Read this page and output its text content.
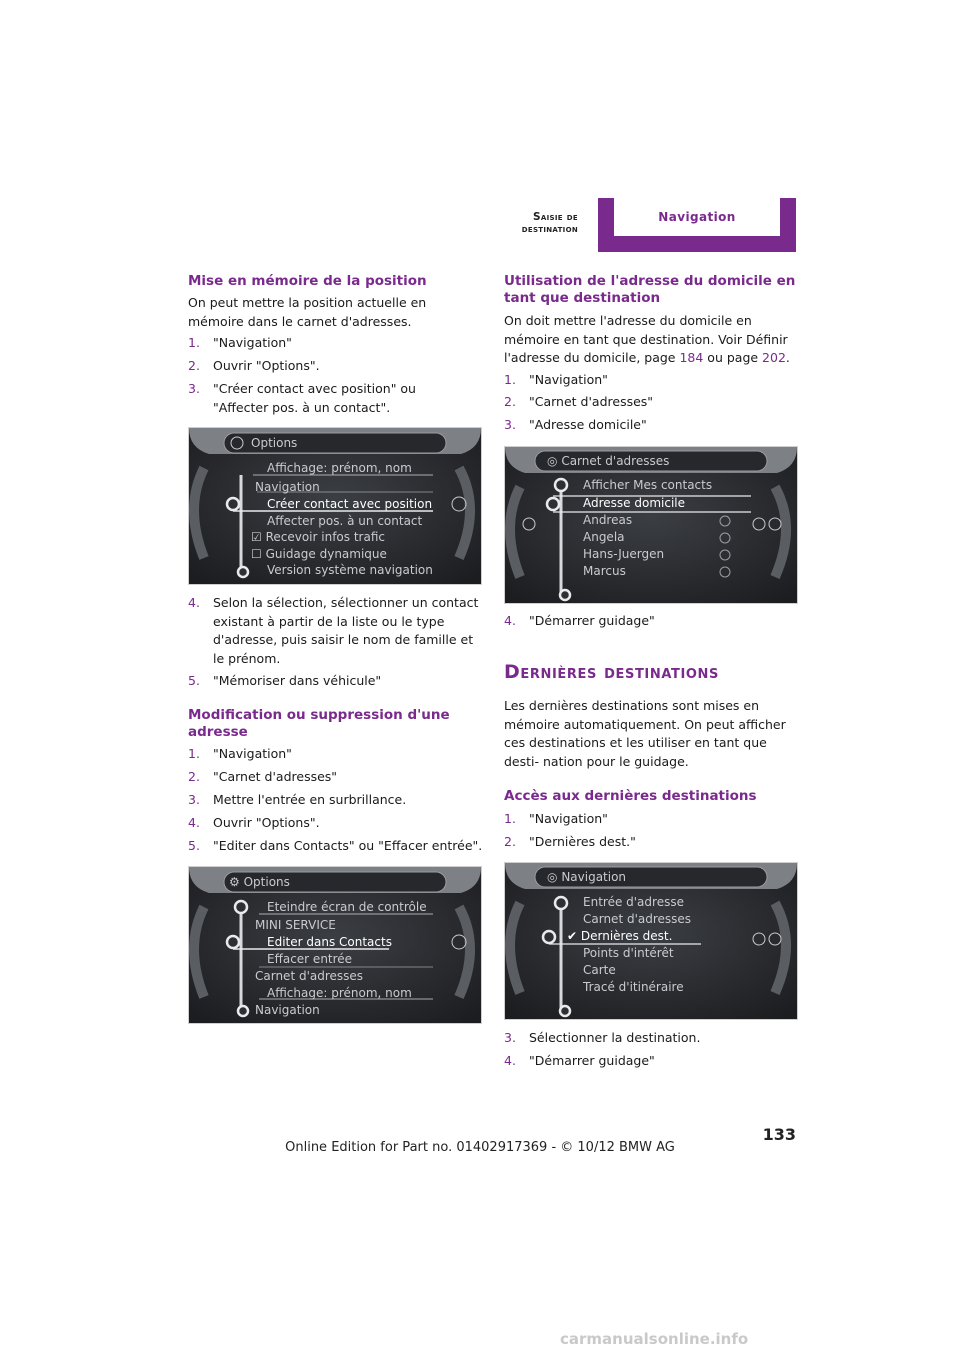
Saisie de destination
Navigation
Mise en mémoire de la position

On peut mettre la position actuelle en mémoire dans le carnet d'adresses.

1. "Navigation"
2. Ouvrir "Options".
3. "Créer contact avec position" ou "Affecter pos. à un contact".
Options
Affichage: prénom, nom
Navigation
Créer contact avec position
Affecter pos. à un contact
☑ Recevoir infos trafic
☐ Guidage dynamique
Version système navigation
4. Selon la sélection, sélectionner un contact existant à partir de la liste ou le type d'adresse, puis saisir le nom de famille et le prénom.
5. "Mémoriser dans véhicule"
Modification ou suppression d'une adresse
1. "Navigation"
2. "Carnet d'adresses"
3. Mettre l'entrée en surbrillance.
4. Ouvrir "Options".
5. "Editer dans Contacts" ou "Effacer entrée".
⚙ Options
Eteindre écran de contrôle
MINI SERVICE
Editer dans Contacts
Effacer entrée
Carnet d'adresses
Affichage: prénom, nom
Navigation
Utilisation de l'adresse du domicile en tant que destination

On doit mettre l'adresse du domicile en mémoire en tant que destination. Voir Définir l'adresse du domicile, page 184 ou page 202.

1. "Navigation"
2. "Carnet d'adresses"
3. "Adresse domicile"
◎ Carnet d'adresses
Afficher Mes contacts
Adresse domicile
Andreas
Angela
Hans-Juergen
Marcus
4. "Démarrer guidage"
Dernières destinations

Les dernières destinations sont mises en mémoire automatiquement. On peut afficher ces destinations et les utiliser en tant que desti- nation pour le guidage.

Accès aux dernières destinations
1. "Navigation"
2. "Dernières dest."
◎ Navigation
Entrée d'adresse
Carnet d'adresses
✔ Dernières dest.
Points d'intérêt
Carte
Tracé d'itinéraire
3. Sélectionner la destination.
4. "Démarrer guidage"
133
Online Edition for Part no. 01402917369 - © 10/12 BMW AG
carmanualsonline.info
